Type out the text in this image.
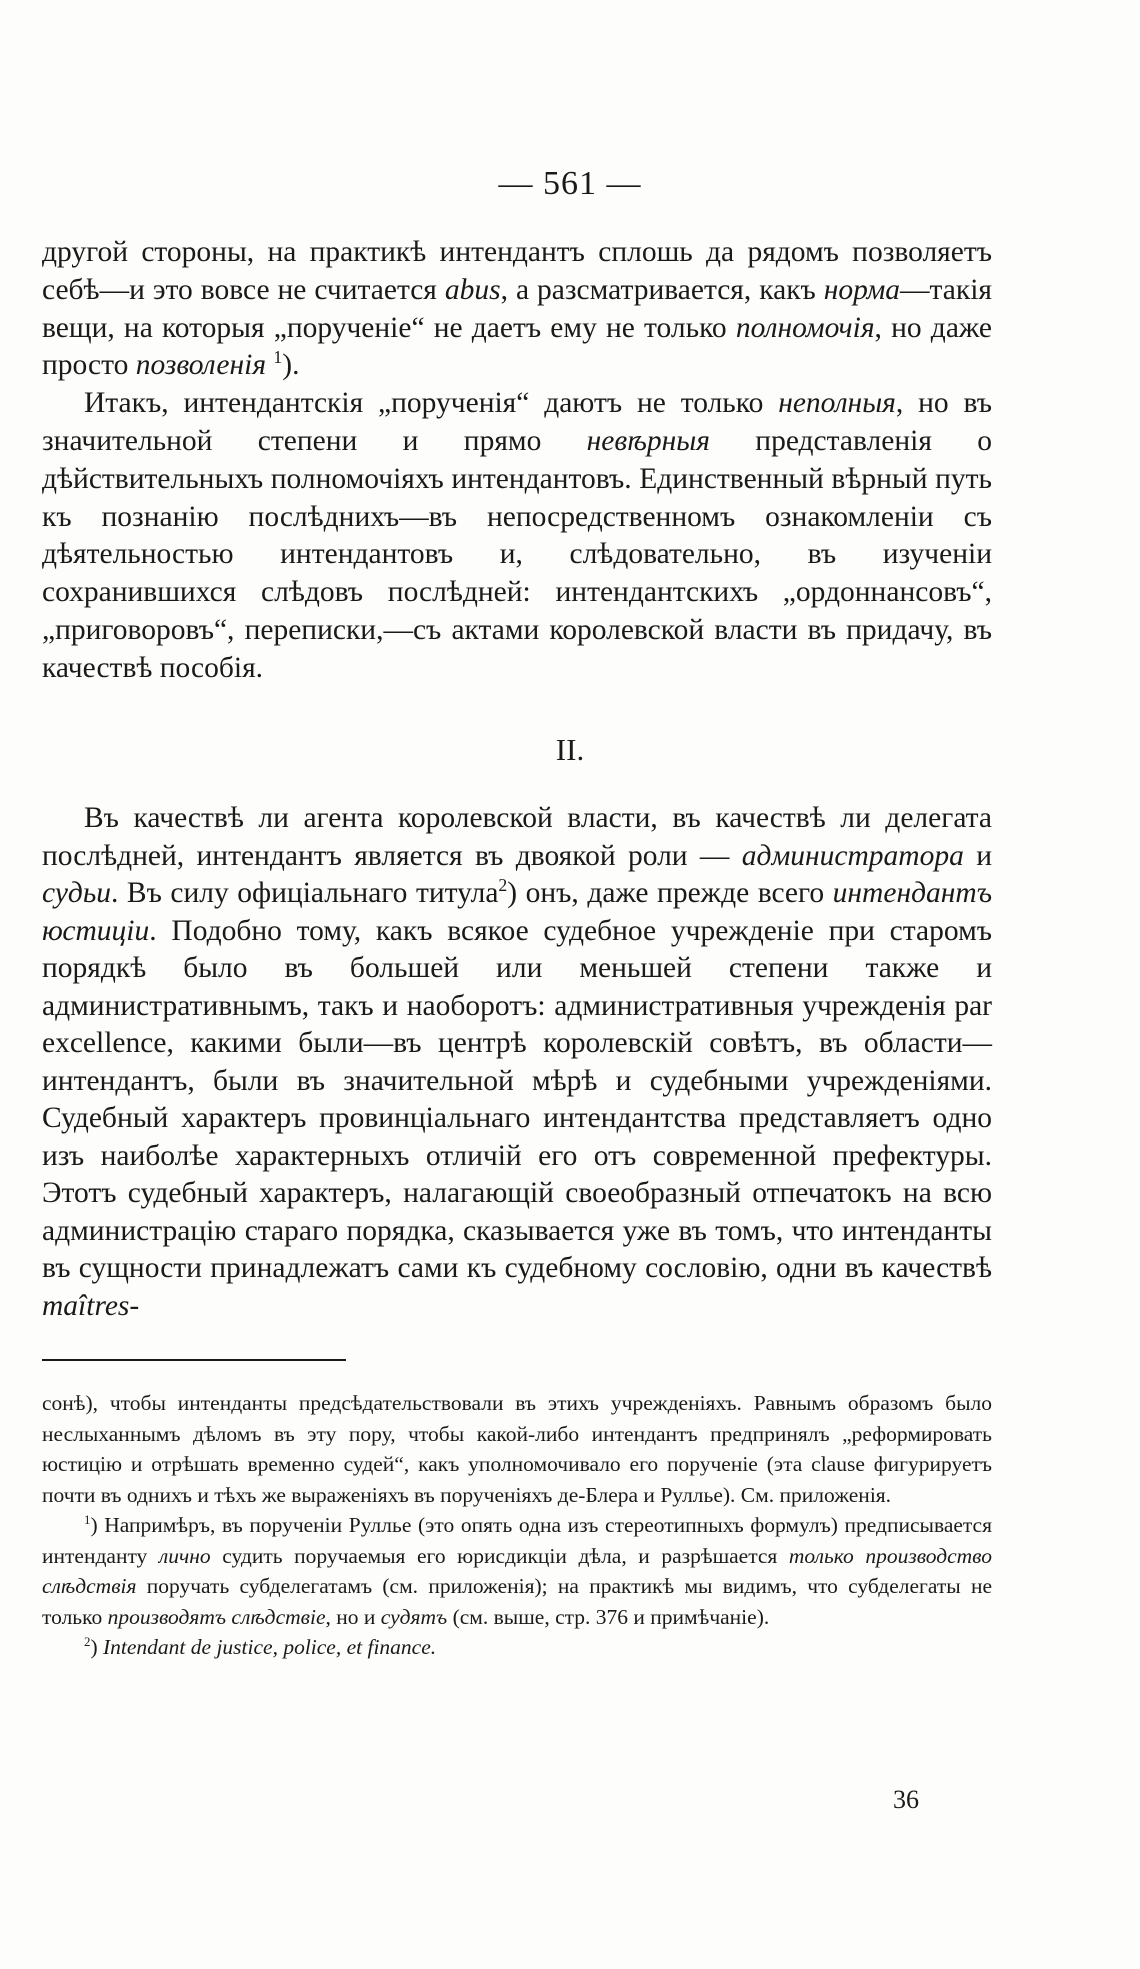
— 561 —

другой стороны, на практикѣ интендантъ сплошь да рядомъ позволяетъ себѣ—и это вовсе не считается abus, а разсматривается, какъ норма—такія вещи, на которыя „порученіе“ не даетъ ему не только полномочія, но даже просто позволенія $^1$).

Итакъ, интендантскія „порученія“ даютъ не только неполныя, но въ значительной степени и прямо невѣрныя представленія о дѣйствительныхъ полномочіяхъ интендантовъ. Единственный вѣрный путь къ познанію послѣднихъ—въ непосредственномъ ознакомленіи съ дѣятельностью интендантовъ и, слѣдовательно, въ изученіи сохранившихся слѣдовъ послѣдней: интендантскихъ „ордоннансовъ“, „приговоровъ“, переписки,—съ актами королевской власти въ придачу, въ качествѣ пособія.

II.

Въ качествѣ ли агента королевской власти, въ качествѣ ли делегата послѣдней, интендантъ является въ двоякой роли — администратора и судьи. Въ силу офиціальнаго титула$^2$) онъ, даже прежде всего интендантъ юстиціи. Подобно тому, какъ всякое судебное учрежденіе при старомъ порядкѣ было въ большей или меньшей степени также и административнымъ, такъ и наоборотъ: административныя учрежденія par excellence, какими были—въ центрѣ королевскій совѣтъ, въ области—интендантъ, были въ значительной мѣрѣ и судебными учрежденіями. Судебный характеръ провинціальнаго интендантства представляетъ одно изъ наиболѣе характерныхъ отличій его отъ современной префектуры. Этотъ судебный характеръ, налагающій своеобразный отпечатокъ на всю администрацію стараго порядка, сказывается уже въ томъ, что интенданты въ сущности принадлежатъ сами къ судебному сословію, одни въ качествѣ maîtres-

сонѣ), чтобы интенданты предсѣдательствовали въ этихъ учрежденіяхъ. Равнымъ образомъ было неслыханнымъ дѣломъ въ эту пору, чтобы какой-либо интендантъ предпринялъ „реформировать юстицію и отрѣшать временно судей“, какъ уполномочивало его порученіе (эта clause фигурируетъ почти въ однихъ и тѣхъ же выраженіяхъ въ порученіяхъ де-Блера и Руллье). См. приложенія.

$^1$) Напримѣръ, въ порученіи Руллье (это опять одна изъ стереотипныхъ формулъ) предписывается интенданту лично судить поручаемыя его юрисдикціи дѣла, и разрѣшается только производство слѣдствія поручать субделегатамъ (см. приложенія); на практикѣ мы видимъ, что субделегаты не только производятъ слѣдствіе, но и судятъ (см. выше, стр. 376 и примѣчаніе).

$^2$) Intendant de justice, police, et finance.

36
